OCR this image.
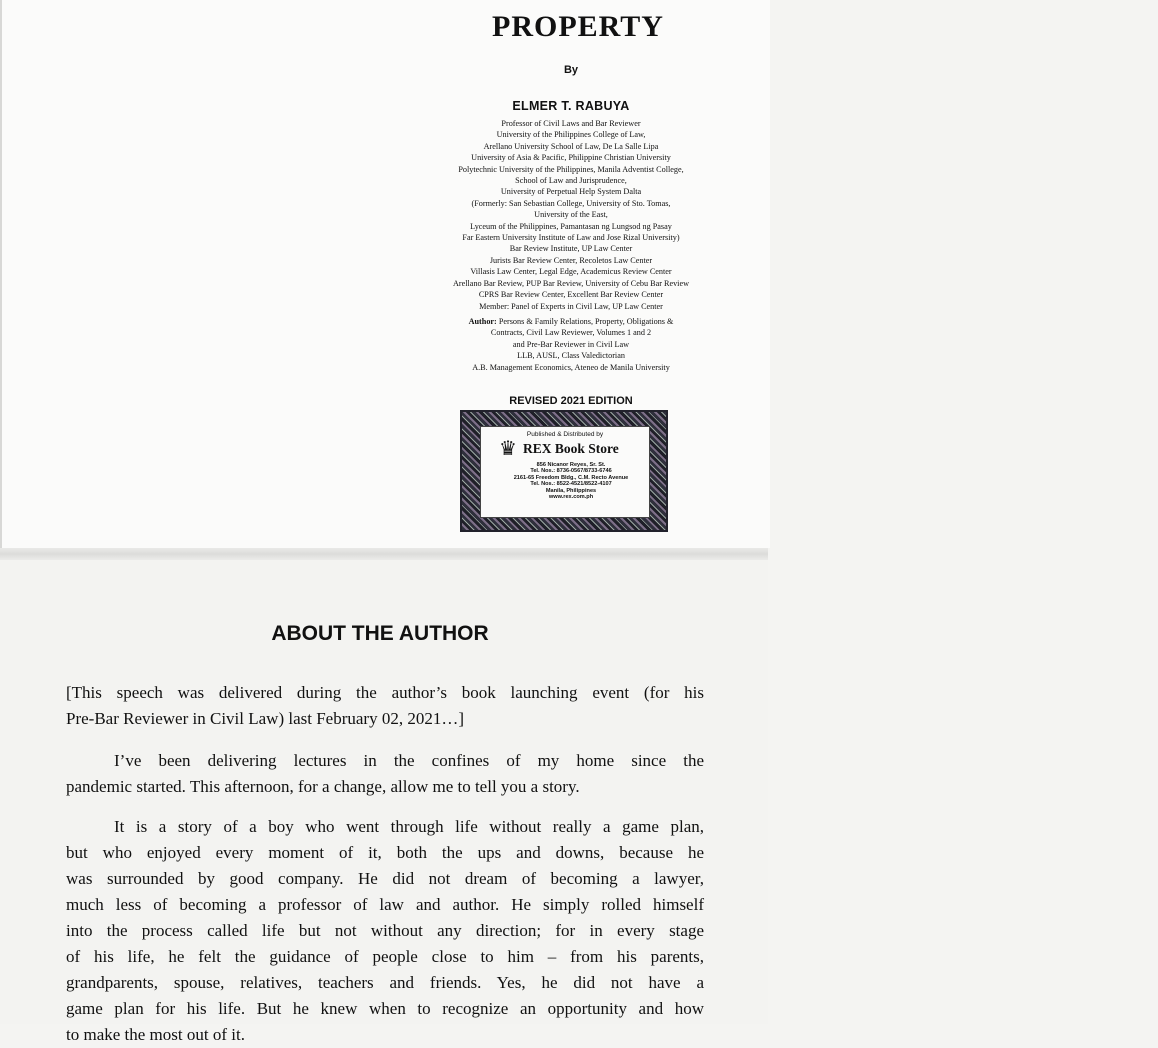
PROPERTY
By
ELMER T. RABUYA
Professor of Civil Laws and Bar Reviewer
University of the Philippines College of Law,
Arellano University School of Law, De La Salle Lipa
University of Asia & Pacific, Philippine Christian University
Polytechnic University of the Philippines, Manila Adventist College,
School of Law and Jurisprudence,
University of Perpetual Help System Dalta
(Formerly: San Sebastian College, University of Sto. Tomas,
University of the East,
Lyceum of the Philippines, Pamantasan ng Lungsod ng Pasay
Far Eastern University Institute of Law and Jose Rizal University)
Bar Review Institute, UP Law Center
Jurists Bar Review Center, Recoletos Law Center
Villasis Law Center, Legal Edge, Academicus Review Center
Arellano Bar Review, PUP Bar Review, University of Cebu Bar Review
CPRS Bar Review Center, Excellent Bar Review Center
Member: Panel of Experts in Civil Law, UP Law Center
Author: Persons & Family Relations, Property, Obligations &
Contracts, Civil Law Reviewer, Volumes 1 and 2
and Pre-Bar Reviewer in Civil Law
LLB, AUSL, Class Valedictorian
A.B. Management Economics, Ateneo de Manila University
REVISED 2021 EDITION
Published & Distributed by
♛ REX Book Store
856 Nicanor Reyes, Sr. St.
Tel. Nos.: 8736-0567/8733-6746
2161-65 Freedom Bldg., C.M. Recto Avenue
Tel. Nos.: 8522-4521/8522-4107
Manila, Philippines
www.rex.com.ph
ABOUT THE AUTHOR
[This speech was delivered during the author’s book launching event (for his
Pre-Bar Reviewer in Civil Law) last February 02, 2021…]
I’ve been delivering lectures in the confines of my home since the
pandemic started. This afternoon, for a change, allow me to tell you a story.
It is a story of a boy who went through life without really a game plan,
but who enjoyed every moment of it, both the ups and downs, because he
was surrounded by good company. He did not dream of becoming a lawyer,
much less of becoming a professor of law and author. He simply rolled himself
into the process called life but not without any direction; for in every stage
of his life, he felt the guidance of people close to him – from his parents,
grandparents, spouse, relatives, teachers and friends. Yes, he did not have a
game plan for his life. But he knew when to recognize an opportunity and how
to make the most out of it.
